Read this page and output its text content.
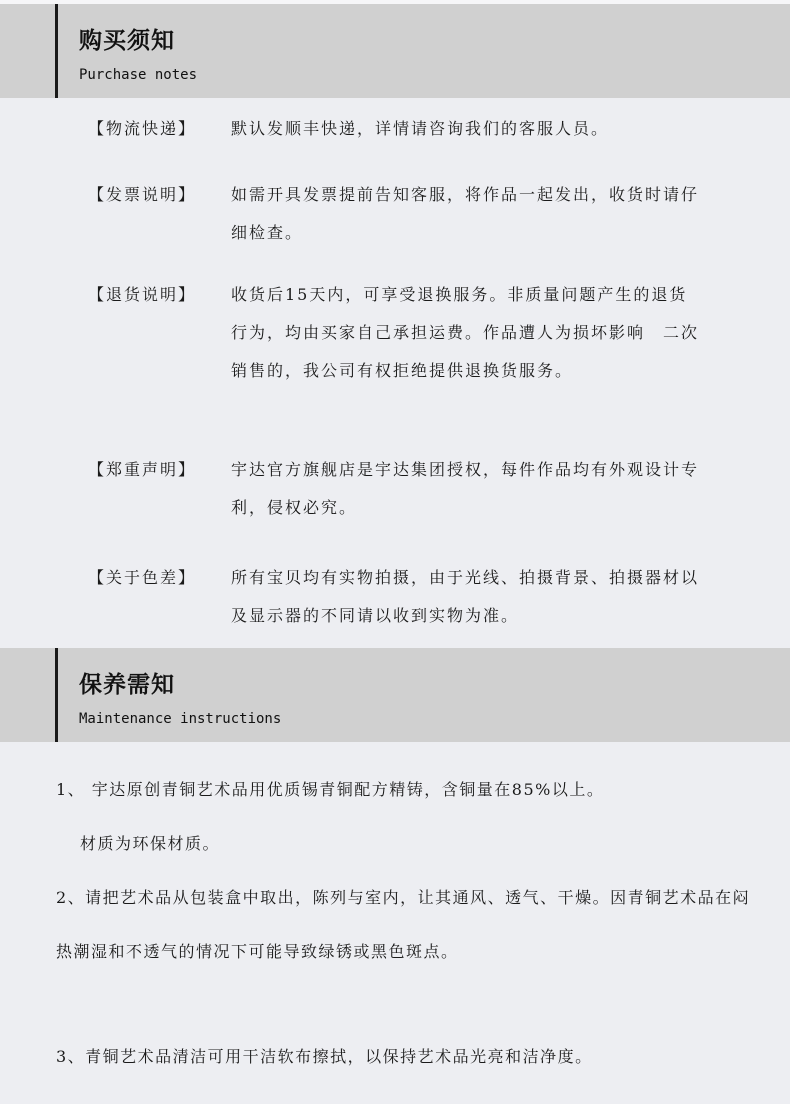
购买须知
Purchase notes
【物流快递】 默认发顺丰快递，详情请咨询我们的客服人员。
【发票说明】 如需开具发票提前告知客服，将作品一起发出，收货时请仔细检查。
【退货说明】 收货后15天内，可享受退换服务。非质量问题产生的退货行为，均由买家自己承担运费。作品遭人为损坏影响　二次销售的，我公司有权拒绝提供退换货服务。
【郑重声明】 宇达官方旗舰店是宇达集团授权，每件作品均有外观设计专利，侵权必究。
【关于色差】 所有宝贝均有实物拍摄，由于光线、拍摄背景、拍摄器材以及显示器的不同请以收到实物为准。
保养需知
Maintenance instructions

1、 宇达原创青铜艺术品用优质锡青铜配方精铸，含铜量在85%以上。

材质为环保材质。

2、请把艺术品从包装盒中取出，陈列与室内，让其通风、透气、干燥。因青铜艺术品在闷热潮湿和不透气的情况下可能导致绿锈或黑色斑点。

3、青铜艺术品清洁可用干洁软布擦拭，以保持艺术品光亮和洁净度。
